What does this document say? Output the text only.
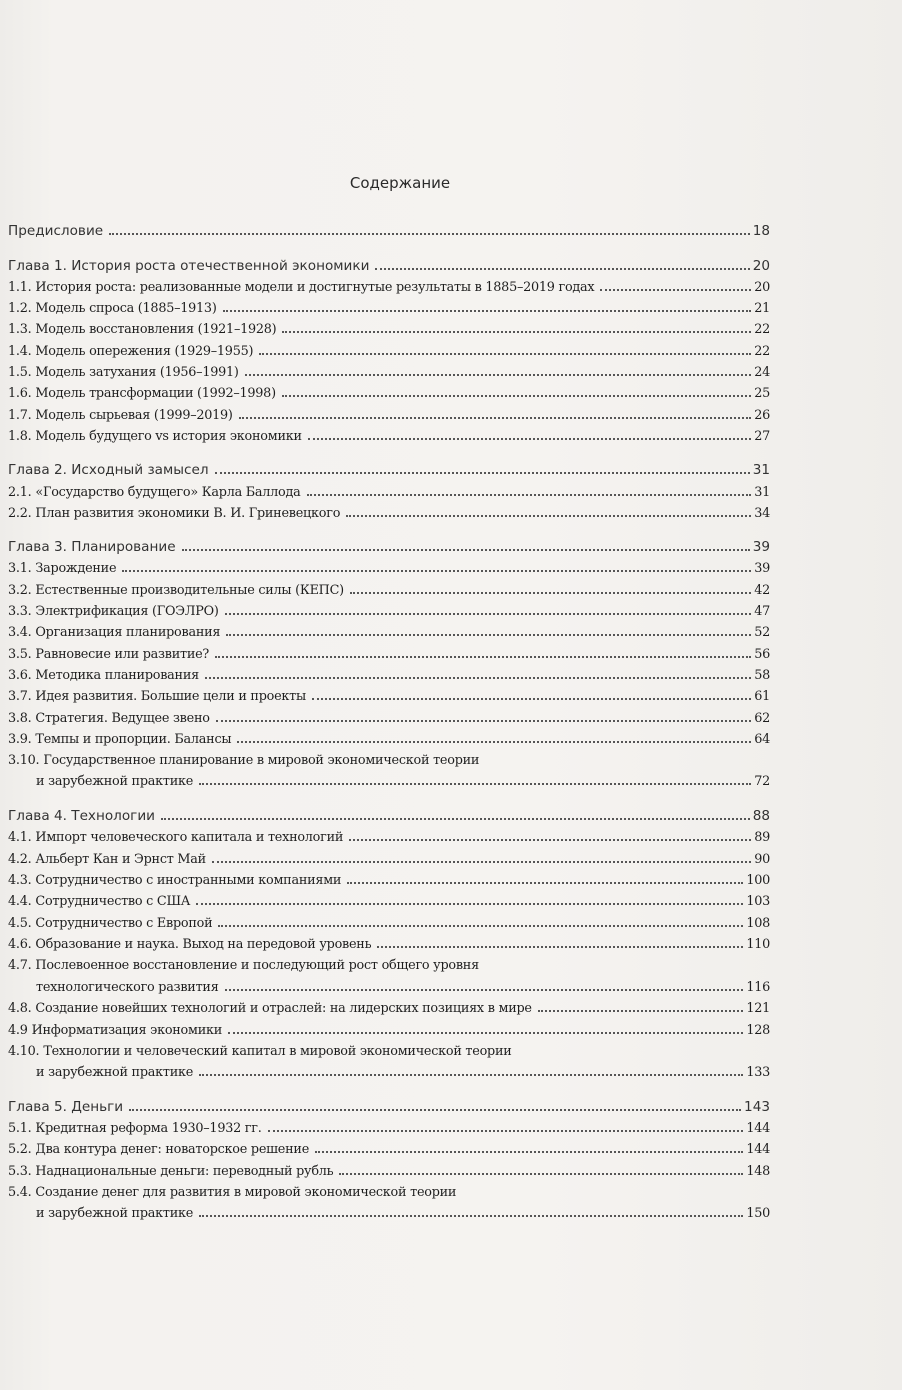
Содержание
Предисловие	18
Глава 1. История роста отечественной экономики	20
1.1. История роста: реализованные модели и достигнутые результаты в 1885–2019 годах	20
1.2. Модель спроса (1885–1913)	21
1.3. Модель восстановления (1921–1928)	22
1.4. Модель опережения (1929–1955)	22
1.5. Модель затухания (1956–1991)	24
1.6. Модель трансформации (1992–1998)	25
1.7. Модель сырьевая (1999–2019)	26
1.8. Модель будущего vs история экономики	27
Глава 2. Исходный замысел	31
2.1. «Государство будущего» Карла Баллода	31
2.2. План развития экономики В. И. Гриневецкого	34
Глава 3. Планирование	39
3.1. Зарождение	39
3.2. Естественные производительные силы (КЕПС)	42
3.3. Электрификация (ГОЭЛРО)	47
3.4. Организация планирования	52
3.5. Равновесие или развитие?	56
3.6. Методика планирования	58
3.7. Идея развития. Большие цели и проекты	61
3.8. Стратегия. Ведущее звено	62
3.9. Темпы и пропорции. Балансы	64
3.10. Государственное планирование в мировой экономической теории
и зарубежной практике	72
Глава 4. Технологии	88
4.1. Импорт человеческого капитала и технологий	89
4.2. Альберт Кан и Эрнст Май	90
4.3. Сотрудничество с иностранными компаниями	100
4.4. Сотрудничество с США	103
4.5. Сотрудничество с Европой	108
4.6. Образование и наука. Выход на передовой уровень	110
4.7. Послевоенное восстановление и последующий рост общего уровня
технологического развития	116
4.8. Создание новейших технологий и отраслей: на лидерских позициях в мире	121
4.9 Информатизация экономики	128
4.10. Технологии и человеческий капитал в мировой экономической теории
и зарубежной практике	133
Глава 5. Деньги	143
5.1. Кредитная реформа 1930–1932 гг.	144
5.2. Два контура денег: новаторское решение	144
5.3. Наднациональные деньги: переводный рубль	148
5.4. Создание денег для развития в мировой экономической теории
и зарубежной практике	150
